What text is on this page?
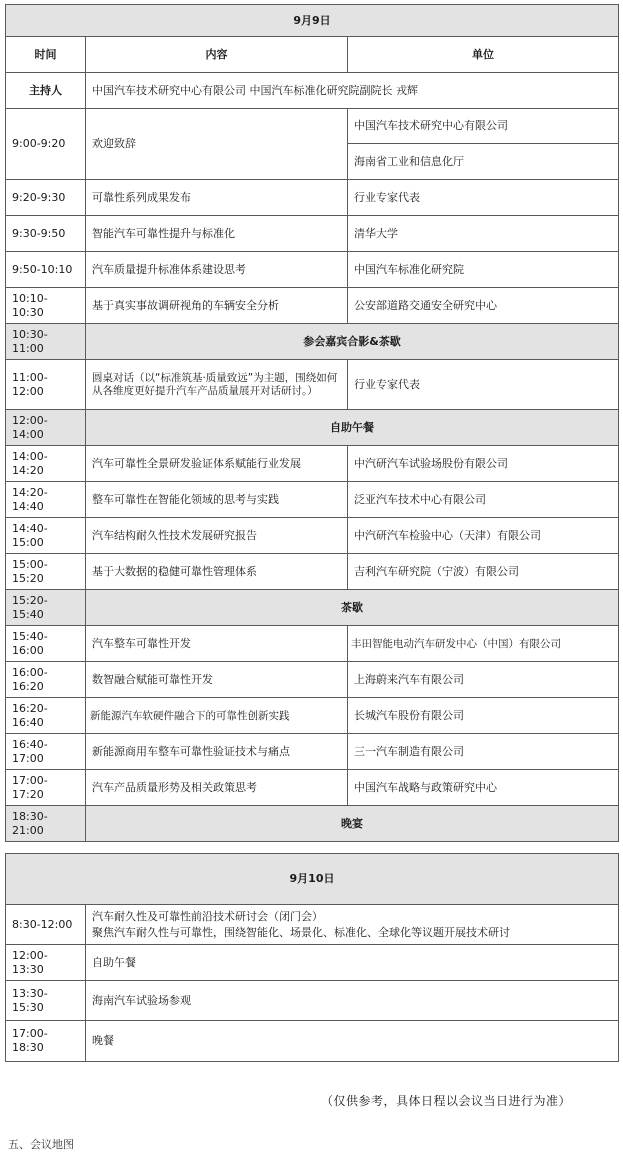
9月9日		
时间	内容	单位
主持人	中国汽车技术研究中心有限公司 中国汽车标准化研究院副院长 戎辉	
9:00-9:20	欢迎致辞	中国汽车技术研究中心有限公司
		海南省工业和信息化厅
9:20-9:30	可靠性系列成果发布	行业专家代表
9:30-9:50	智能汽车可靠性提升与标准化	清华大学
9:50-10:10	汽车质量提升标准体系建设思考	中国汽车标准化研究院
10:10-10:30	基于真实事故调研视角的车辆安全分析	公安部道路交通安全研究中心
10:30-11:00	参会嘉宾合影&茶歇	
11:00-12:00	圆桌对话（以“标准筑基·质量致远”为主题，围绕如何从各维度更好提升汽车产品质量展开对话研讨。）	行业专家代表
12:00-14:00	自助午餐	
14:00-14:20	汽车可靠性全景研发验证体系赋能行业发展	中汽研汽车试验场股份有限公司
14:20-14:40	整车可靠性在智能化领域的思考与实践	泛亚汽车技术中心有限公司
14:40-15:00	汽车结构耐久性技术发展研究报告	中汽研汽车检验中心（天津）有限公司
15:00-15:20	基于大数据的稳健可靠性管理体系	吉利汽车研究院（宁波）有限公司
15:20-15:40	茶歇	
15:40-16:00	汽车整车可靠性开发	丰田智能电动汽车研发中心（中国）有限公司
16:00-16:20	数智融合赋能可靠性开发	上海蔚来汽车有限公司
16:20-16:40	新能源汽车软硬件融合下的可靠性创新实践	长城汽车股份有限公司
16:40-17:00	新能源商用车整车可靠性验证技术与痛点	三一汽车制造有限公司
17:00-17:20	汽车产品质量形势及相关政策思考	中国汽车战略与政策研究中心
18:30-21:00	晚宴	
9月10日	
8:30-12:00	汽车耐久性及可靠性前沿技术研讨会（闭门会）
聚焦汽车耐久性与可靠性，围绕智能化、场景化、标准化、全球化等议题开展技术研讨

12:00-13:30	自助午餐
13:30-15:30	海南汽车试验场参观
17:00-18:30	晚餐
（仅供参考，具体日程以会议当日进行为准）
五、会议地图
